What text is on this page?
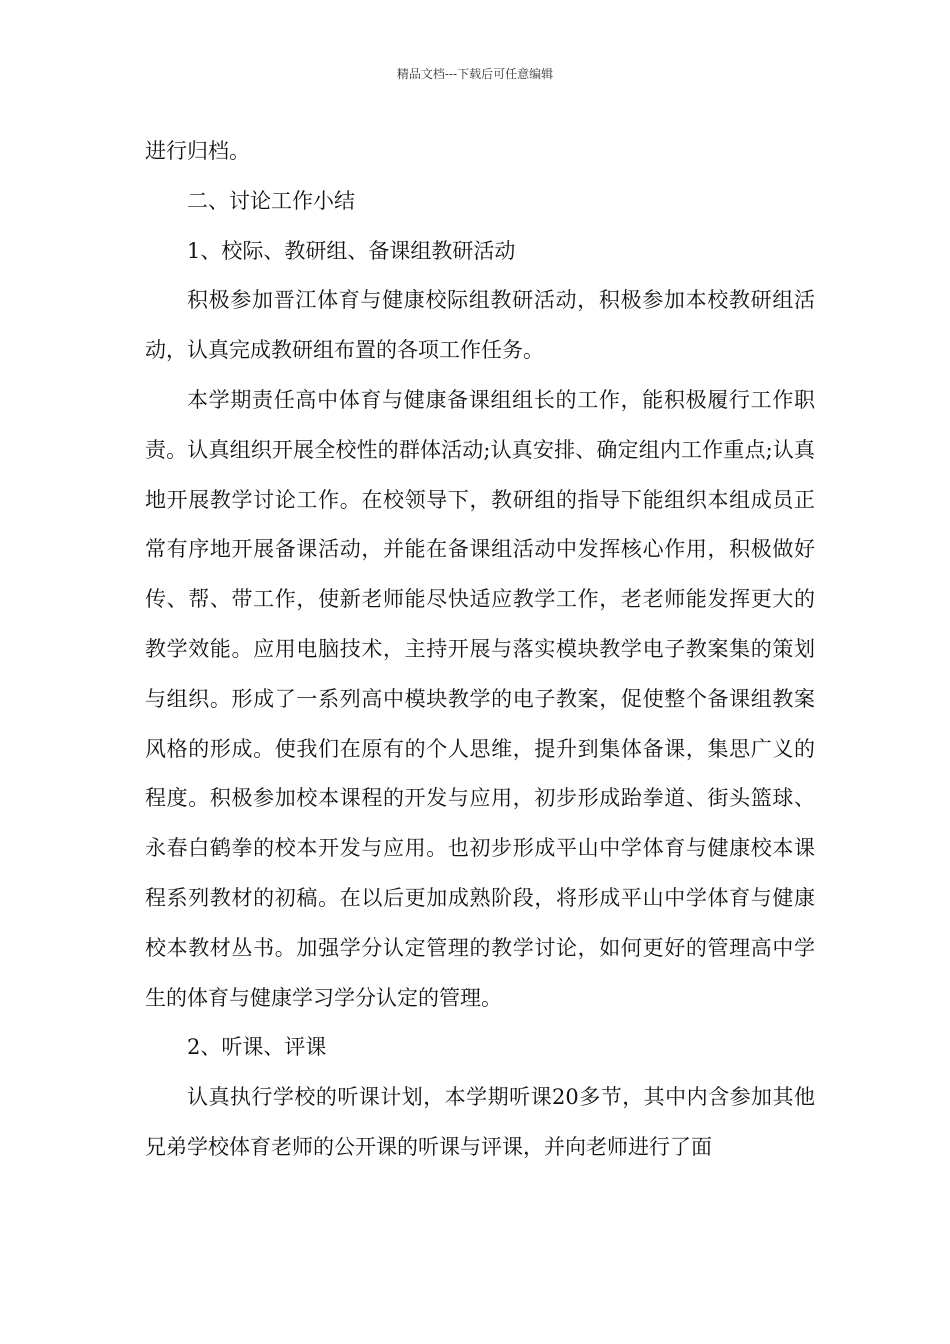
精品文档---下载后可任意编辑

进行归档。

二、讨论工作小结

1、校际、教研组、备课组教研活动

积极参加晋江体育与健康校际组教研活动，积极参加本校教研组活动，认真完成教研组布置的各项工作任务。

本学期责任高中体育与健康备课组组长的工作，能积极履行工作职责。认真组织开展全校性的群体活动;认真安排、确定组内工作重点;认真地开展教学讨论工作。在校领导下，教研组的指导下能组织本组成员正常有序地开展备课活动，并能在备课组活动中发挥核心作用，积极做好传、帮、带工作，使新老师能尽快适应教学工作，老老师能发挥更大的教学效能。应用电脑技术，主持开展与落实模块教学电子教案集的策划与组织。形成了一系列高中模块教学的电子教案，促使整个备课组教案风格的形成。使我们在原有的个人思维，提升到集体备课，集思广义的程度。积极参加校本课程的开发与应用，初步形成跆拳道、街头篮球、永春白鹤拳的校本开发与应用。也初步形成平山中学体育与健康校本课程系列教材的初稿。在以后更加成熟阶段，将形成平山中学体育与健康校本教材丛书。加强学分认定管理的教学讨论，如何更好的管理高中学生的体育与健康学习学分认定的管理。

2、听课、评课

认真执行学校的听课计划，本学期听课20多节，其中内含参加其他兄弟学校体育老师的公开课的听课与评课，并向老师进行了面
